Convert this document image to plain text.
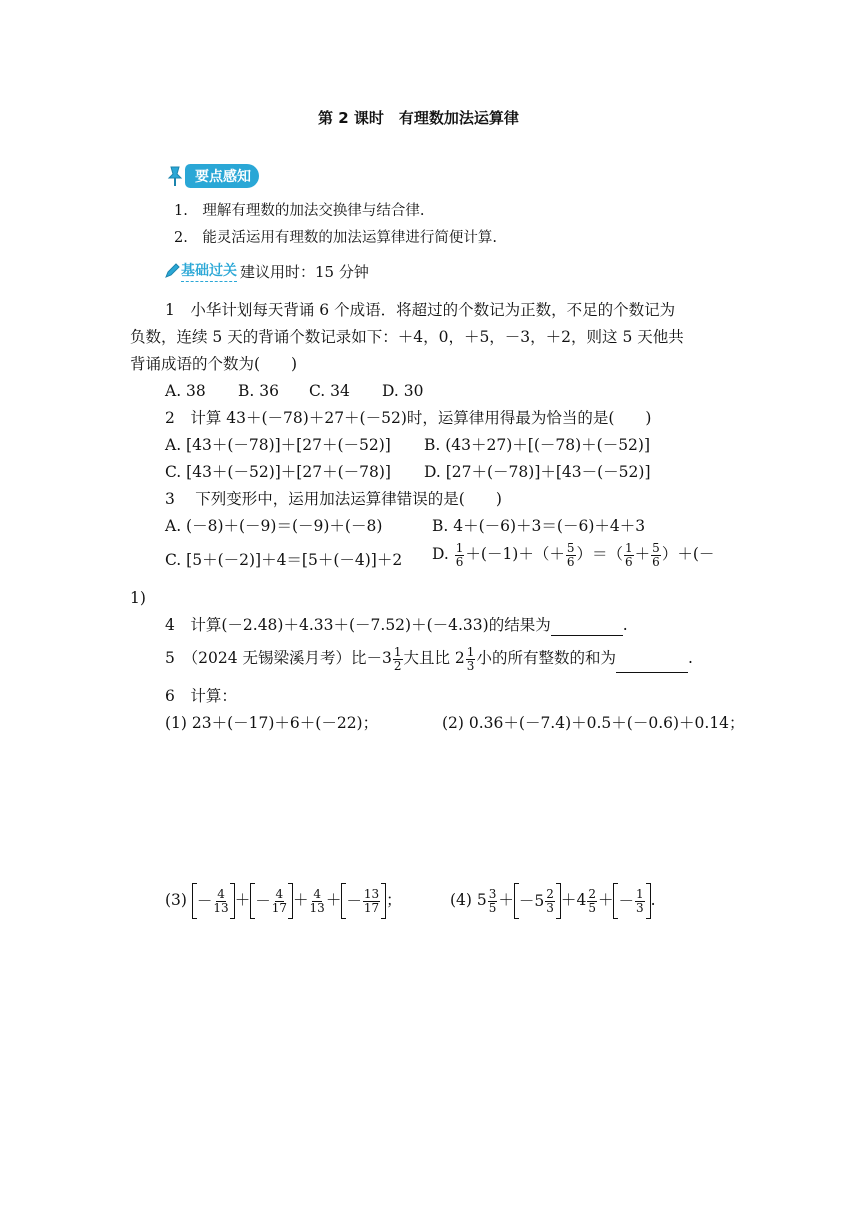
第 2 课时　有理数加法运算律
要点感知
1.　理解有理数的加法交换律与结合律.
2.　能灵活运用有理数的加法运算律进行简便计算.
基础过关 建议用时：15 分钟
1　小华计划每天背诵 6 个成语．将超过的个数记为正数，不足的个数记为
负数，连续 5 天的背诵个数记录如下：＋4，0，＋5，－3，＋2，则这 5 天他共
背诵成语的个数为(　　)
A. 38 B. 36 C. 34 D. 30
2　计算 43＋(－78)＋27＋(－52)时，运算律用得最为恰当的是(　　)
A. [43＋(－78)]＋[27＋(－52)] B. (43＋27)＋[(－78)＋(－52)]
C. [43＋(－52)]＋[27＋(－78)] D. [27＋(－78)]＋[43－(－52)]
3　 下列变形中，运用加法运算律错误的是(　　)
A. (－8)＋(－9)＝(－9)＋(－8)	B. 4＋(－6)＋3＝(－6)＋4＋3
C. [5＋(－2)]＋4＝[5＋(－4)]＋2 D. $\frac{1}{6} +(-1)+(+ \frac{5}{6}$ ）＝（ $\frac{1}{6} + \frac{5}{6}$ ）＋(－
1)
4　计算(－2.48)＋4.33＋(－7.52)＋(－4.33)的结果为	.
5　（2024 无锡梁溪月考）比$-3 \frac{1}{2}$ 大且比 $2 \frac{1}{3}$ 小的所有整数的和为	.
6　计算：
(1) 23＋(－17)＋6＋(－22)；	(2) 0.36＋(－7.4)＋0.5＋(－0.6)＋0.14；
$(3) - \frac{4}{13}$ ＋ － $\frac{4}{17} + \frac{4}{13}$ ＋ － $\frac{13}{17}$ ；	(4) $5 \frac{3}{5} + -5 \frac{2}{3} +4 \frac{2}{5}$ ＋ － $\frac{1}{3}$ .
